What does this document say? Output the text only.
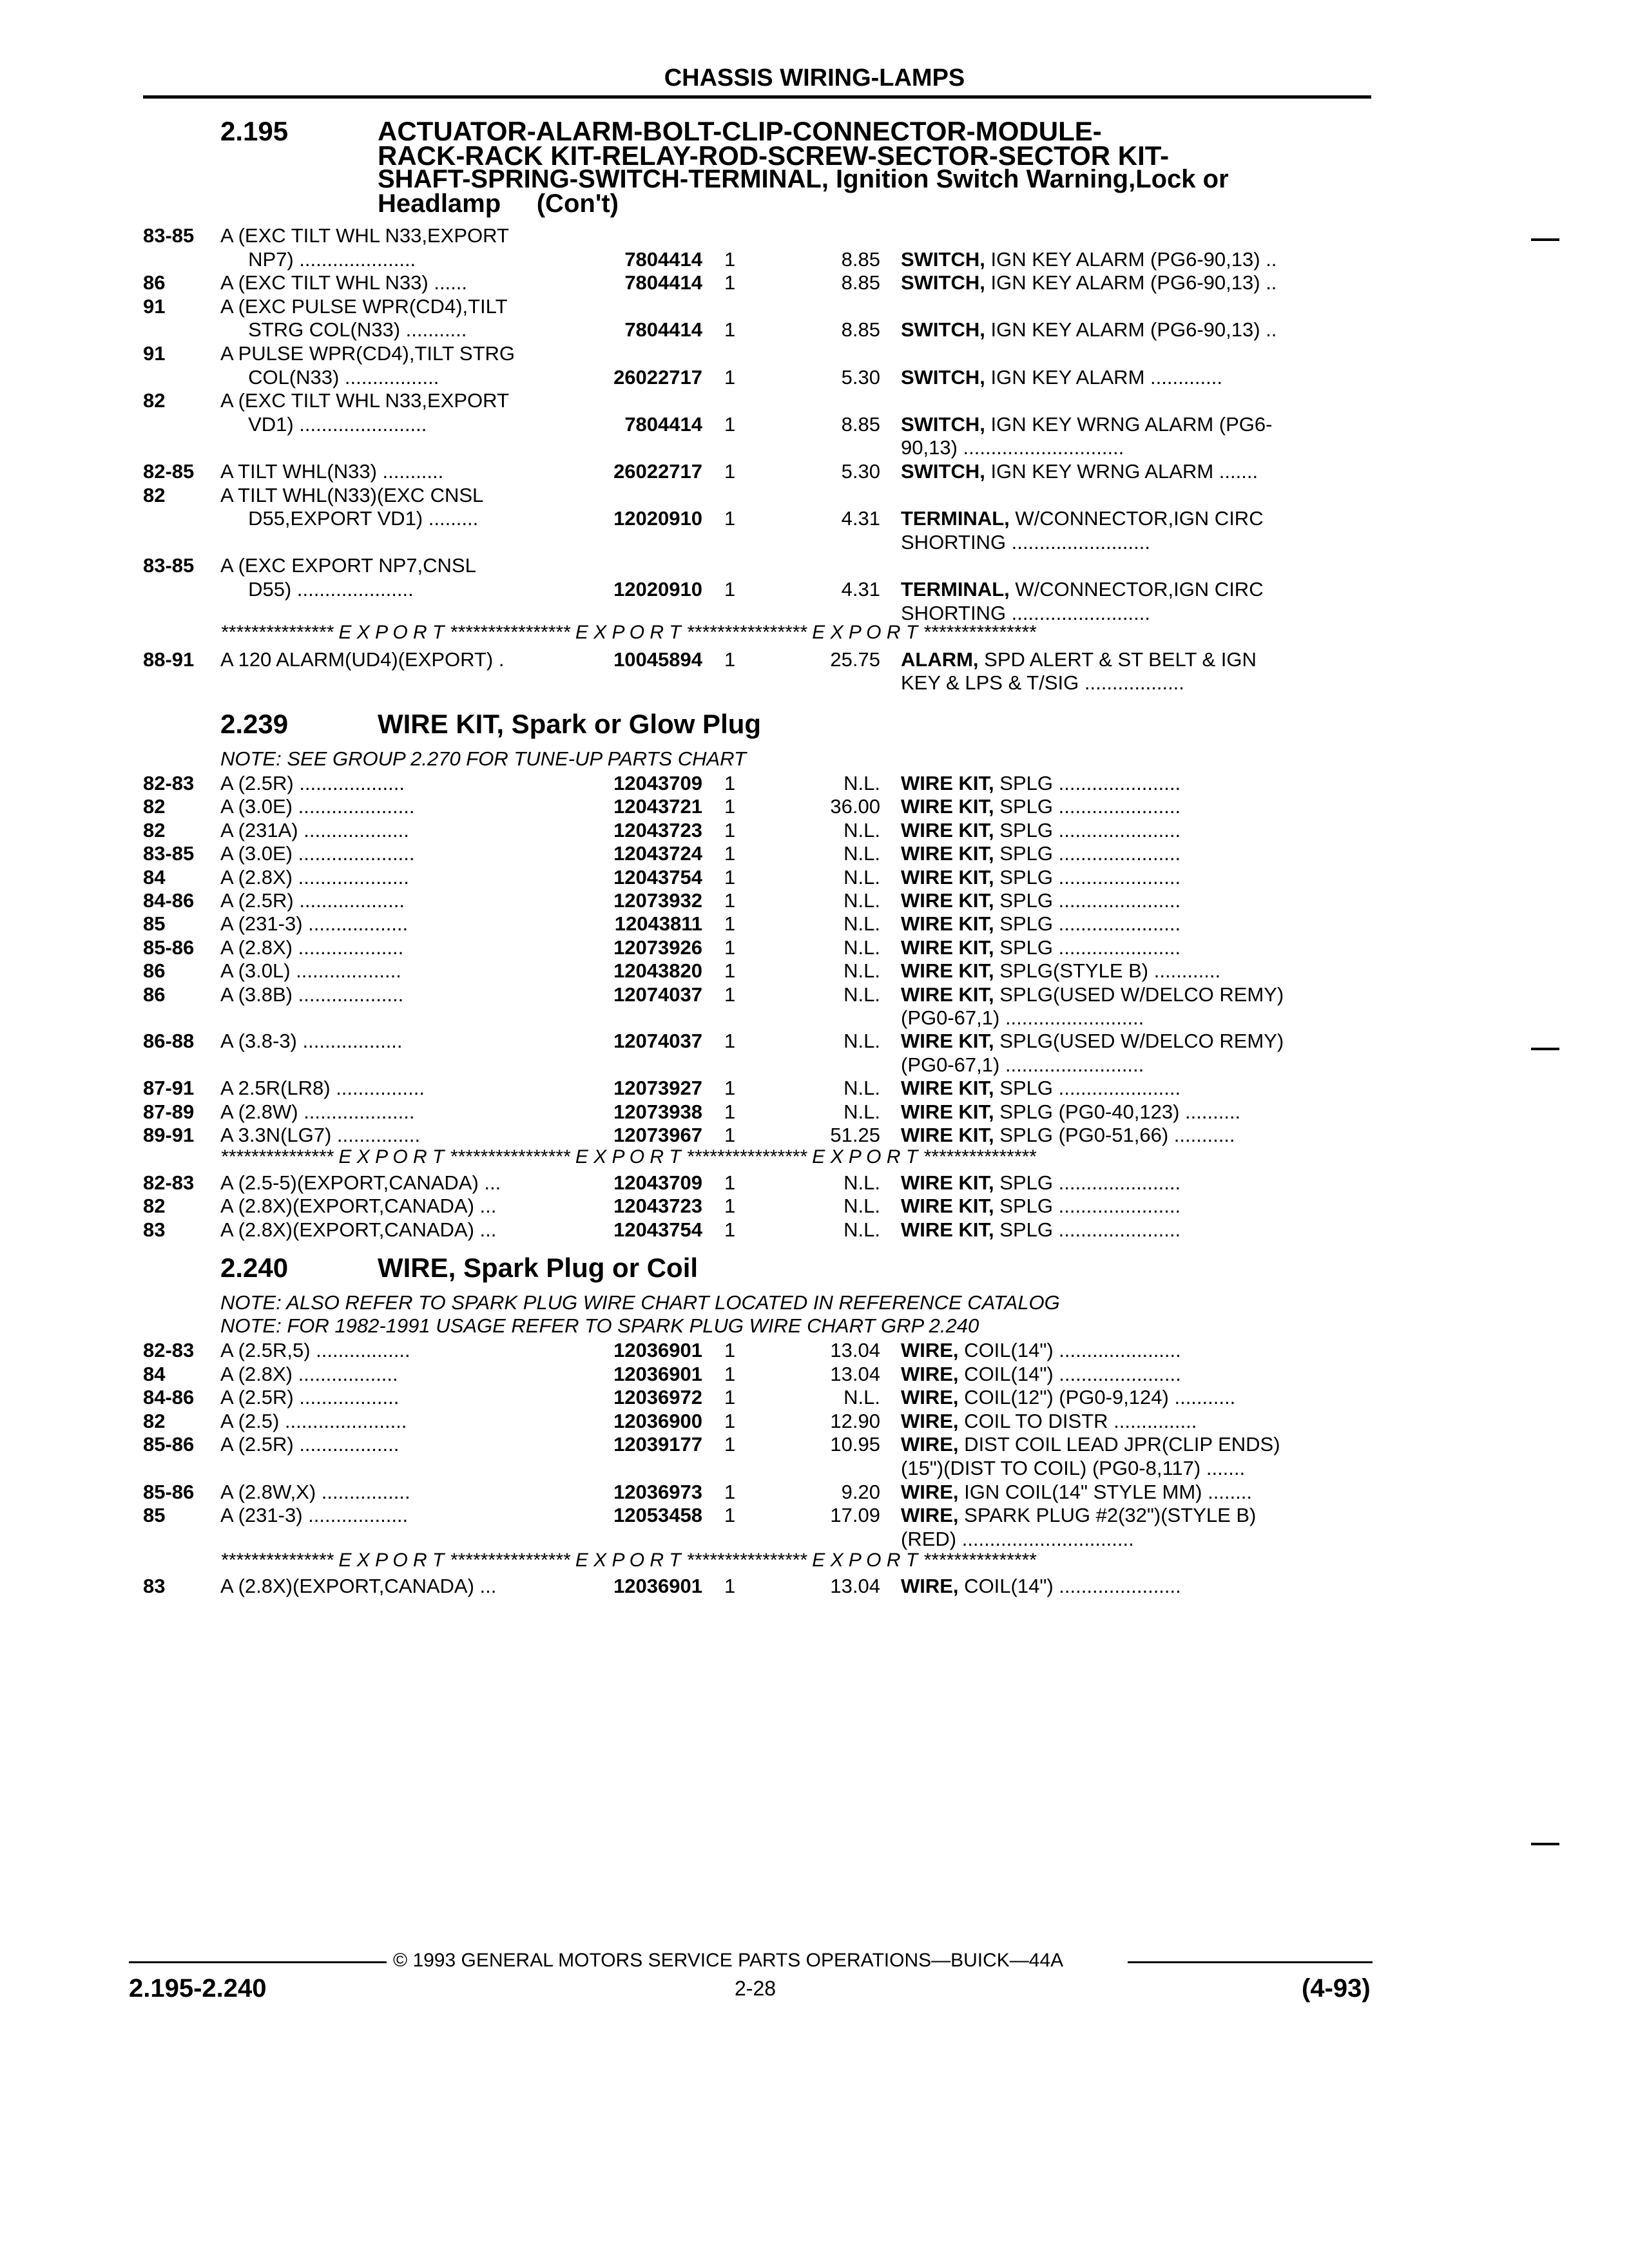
CHASSIS WIRING-LAMPS
2.195	ACTUATOR-ALARM-BOLT-CLIP-CONNECTOR-MODULE-
RACK-RACK KIT-RELAY-ROD-SCREW-SECTOR-SECTOR KIT-
SHAFT-SPRING-SWITCH-TERMINAL, Ignition Switch Warning,Lock or
Headlamp     (Con't)
83-85	A (EXC TILT WHL N33,EXPORT
NP7) .....................	7804414 1	8.85 SWITCH, IGN KEY ALARM (PG6-90,13) ..
86	A (EXC TILT WHL N33) ......	7804414 1	8.85 SWITCH, IGN KEY ALARM (PG6-90,13) ..
91	A (EXC PULSE WPR(CD4),TILT
STRG COL(N33) ...........	7804414 1	8.85 SWITCH, IGN KEY ALARM (PG6-90,13) ..
91	A PULSE WPR(CD4),TILT STRG
COL(N33) .................	26022717 1	5.30 SWITCH, IGN KEY ALARM .............
82	A (EXC TILT WHL N33,EXPORT
VD1) .......................	7804414 1	8.85 SWITCH, IGN KEY WRNG ALARM (PG6-
90,13) .............................
82-85	A TILT WHL(N33) ...........	26022717 1	5.30 SWITCH, IGN KEY WRNG ALARM .......
82	A TILT WHL(N33)(EXC CNSL
D55,EXPORT VD1) .........	12020910 1	4.31 TERMINAL, W/CONNECTOR,IGN CIRC
SHORTING .........................
83-85	A (EXC EXPORT NP7,CNSL
D55) .....................	12020910 1	4.31 TERMINAL, W/CONNECTOR,IGN CIRC
SHORTING .........................
*************** E X P O R T **************** E X P O R T **************** E X P O R T ***************
88-91	A 120 ALARM(UD4)(EXPORT) .	10045894 1	25.75 ALARM, SPD ALERT & ST BELT & IGN
KEY & LPS & T/SIG ..................
2.239	WIRE KIT, Spark or Glow Plug
NOTE: SEE GROUP 2.270 FOR TUNE-UP PARTS CHART
82-83	A (2.5R) ...................	12043709 1	N.L. WIRE KIT, SPLG ......................
82	A (3.0E) .....................	12043721 1	36.00 WIRE KIT, SPLG ......................
82	A (231A) ...................	12043723 1	N.L. WIRE KIT, SPLG ......................
83-85	A (3.0E) .....................	12043724 1	N.L. WIRE KIT, SPLG ......................
84	A (2.8X) ....................	12043754 1	N.L. WIRE KIT, SPLG ......................
84-86	A (2.5R) ...................	12073932 1	N.L. WIRE KIT, SPLG ......................
85	A (231-3) ..................	12043811 1	N.L. WIRE KIT, SPLG ......................
85-86	A (2.8X) ...................	12073926 1	N.L. WIRE KIT, SPLG ......................
86	A (3.0L) ...................	12043820 1	N.L. WIRE KIT, SPLG(STYLE B) ............
86	A (3.8B) ...................	12074037 1	N.L. WIRE KIT, SPLG(USED W/DELCO REMY)
(PG0-67,1) .........................
86-88	A (3.8-3) ..................	12074037 1	N.L. WIRE KIT, SPLG(USED W/DELCO REMY)
(PG0-67,1) .........................
87-91	A 2.5R(LR8) ................	12073927 1	N.L. WIRE KIT, SPLG ......................
87-89	A (2.8W) ....................	12073938 1	N.L. WIRE KIT, SPLG (PG0-40,123) ..........
89-91	A 3.3N(LG7) ...............	12073967 1	51.25 WIRE KIT, SPLG (PG0-51,66) ...........
*************** E X P O R T **************** E X P O R T **************** E X P O R T ***************
82-83	A (2.5-5)(EXPORT,CANADA) ...	12043709 1	N.L. WIRE KIT, SPLG ......................
82	A (2.8X)(EXPORT,CANADA) ...	12043723 1	N.L. WIRE KIT, SPLG ......................
83	A (2.8X)(EXPORT,CANADA) ...	12043754 1	N.L. WIRE KIT, SPLG ......................
2.240	WIRE, Spark Plug or Coil
NOTE: ALSO REFER TO SPARK PLUG WIRE CHART LOCATED IN REFERENCE CATALOG
NOTE: FOR 1982-1991 USAGE REFER TO SPARK PLUG WIRE CHART GRP 2.240
82-83	A (2.5R,5) .................	12036901 1	13.04 WIRE, COIL(14") ......................
84	A (2.8X) ..................	12036901 1	13.04 WIRE, COIL(14") ......................
84-86	A (2.5R) ..................	12036972 1	N.L. WIRE, COIL(12") (PG0-9,124) ...........
82	A (2.5) ......................	12036900 1	12.90 WIRE, COIL TO DISTR ...............
85-86	A (2.5R) ..................	12039177 1	10.95 WIRE, DIST COIL LEAD JPR(CLIP ENDS)
(15")(DIST TO COIL) (PG0-8,117) .......
85-86	A (2.8W,X) ................	12036973 1	9.20 WIRE, IGN COIL(14" STYLE MM) ........
85	A (231-3) ..................	12053458 1	17.09 WIRE, SPARK PLUG #2(32")(STYLE B)
(RED) ...............................
*************** E X P O R T **************** E X P O R T **************** E X P O R T ***************
83	A (2.8X)(EXPORT,CANADA) ...	12036901 1	13.04 WIRE, COIL(14") ......................
© 1993 GENERAL MOTORS SERVICE PARTS OPERATIONS—BUICK—44A
2.195-2.240	2-28	(4-93)
